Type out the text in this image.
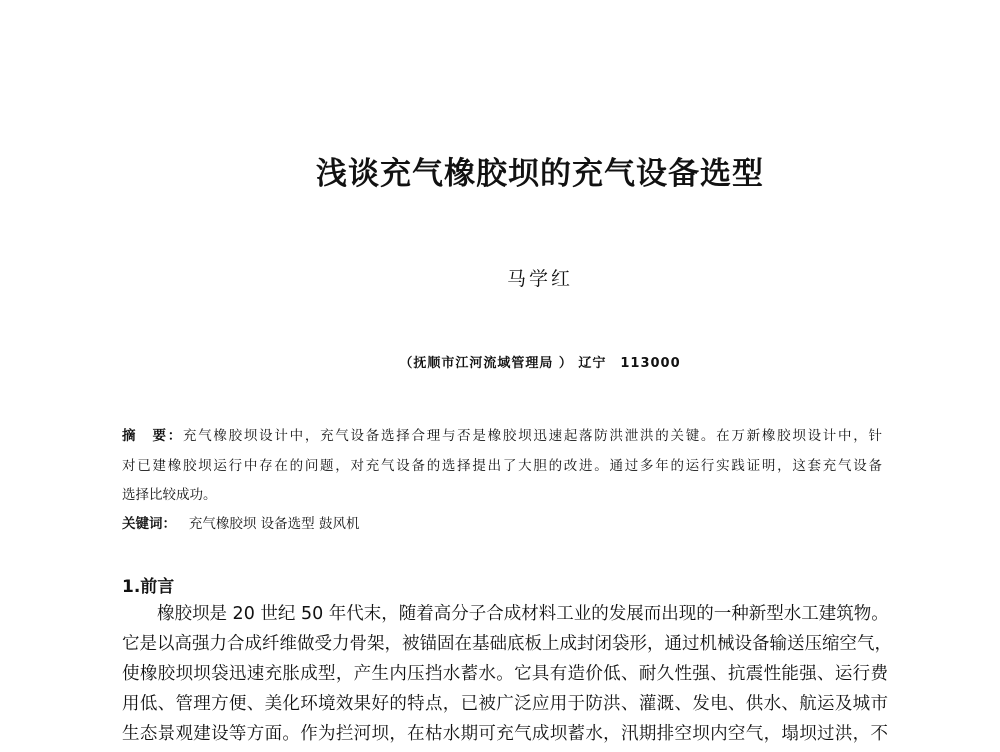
浅谈充气橡胶坝的充气设备选型
马学红
（抚顺市江河流域管理局 ） 辽宁　113000
摘　要：充气橡胶坝设计中，充气设备选择合理与否是橡胶坝迅速起落防洪泄洪的关键。在万新橡胶坝设计中，针
对已建橡胶坝运行中存在的问题，对充气设备的选择提出了大胆的改进。通过多年的运行实践证明，这套充气设备
选择比较成功。
关键词： 充气橡胶坝 设备选型 鼓风机
1.前言
　　橡胶坝是 20 世纪 50 年代末，随着高分子合成材料工业的发展而出现的一种新型水工建筑物。
它是以高强力合成纤维做受力骨架，被锚固在基础底板上成封闭袋形，通过机械设备输送压缩空气，
使橡胶坝坝袋迅速充胀成型，产生内压挡水蓄水。它具有造价低、耐久性强、抗震性能强、运行费
用低、管理方便、美化环境效果好的特点，已被广泛应用于防洪、灌溉、发电、供水、航运及城市
生态景观建设等方面。作为拦河坝，在枯水期可充气成坝蓄水，汛期排空坝内空气，塌坝过洪，不
